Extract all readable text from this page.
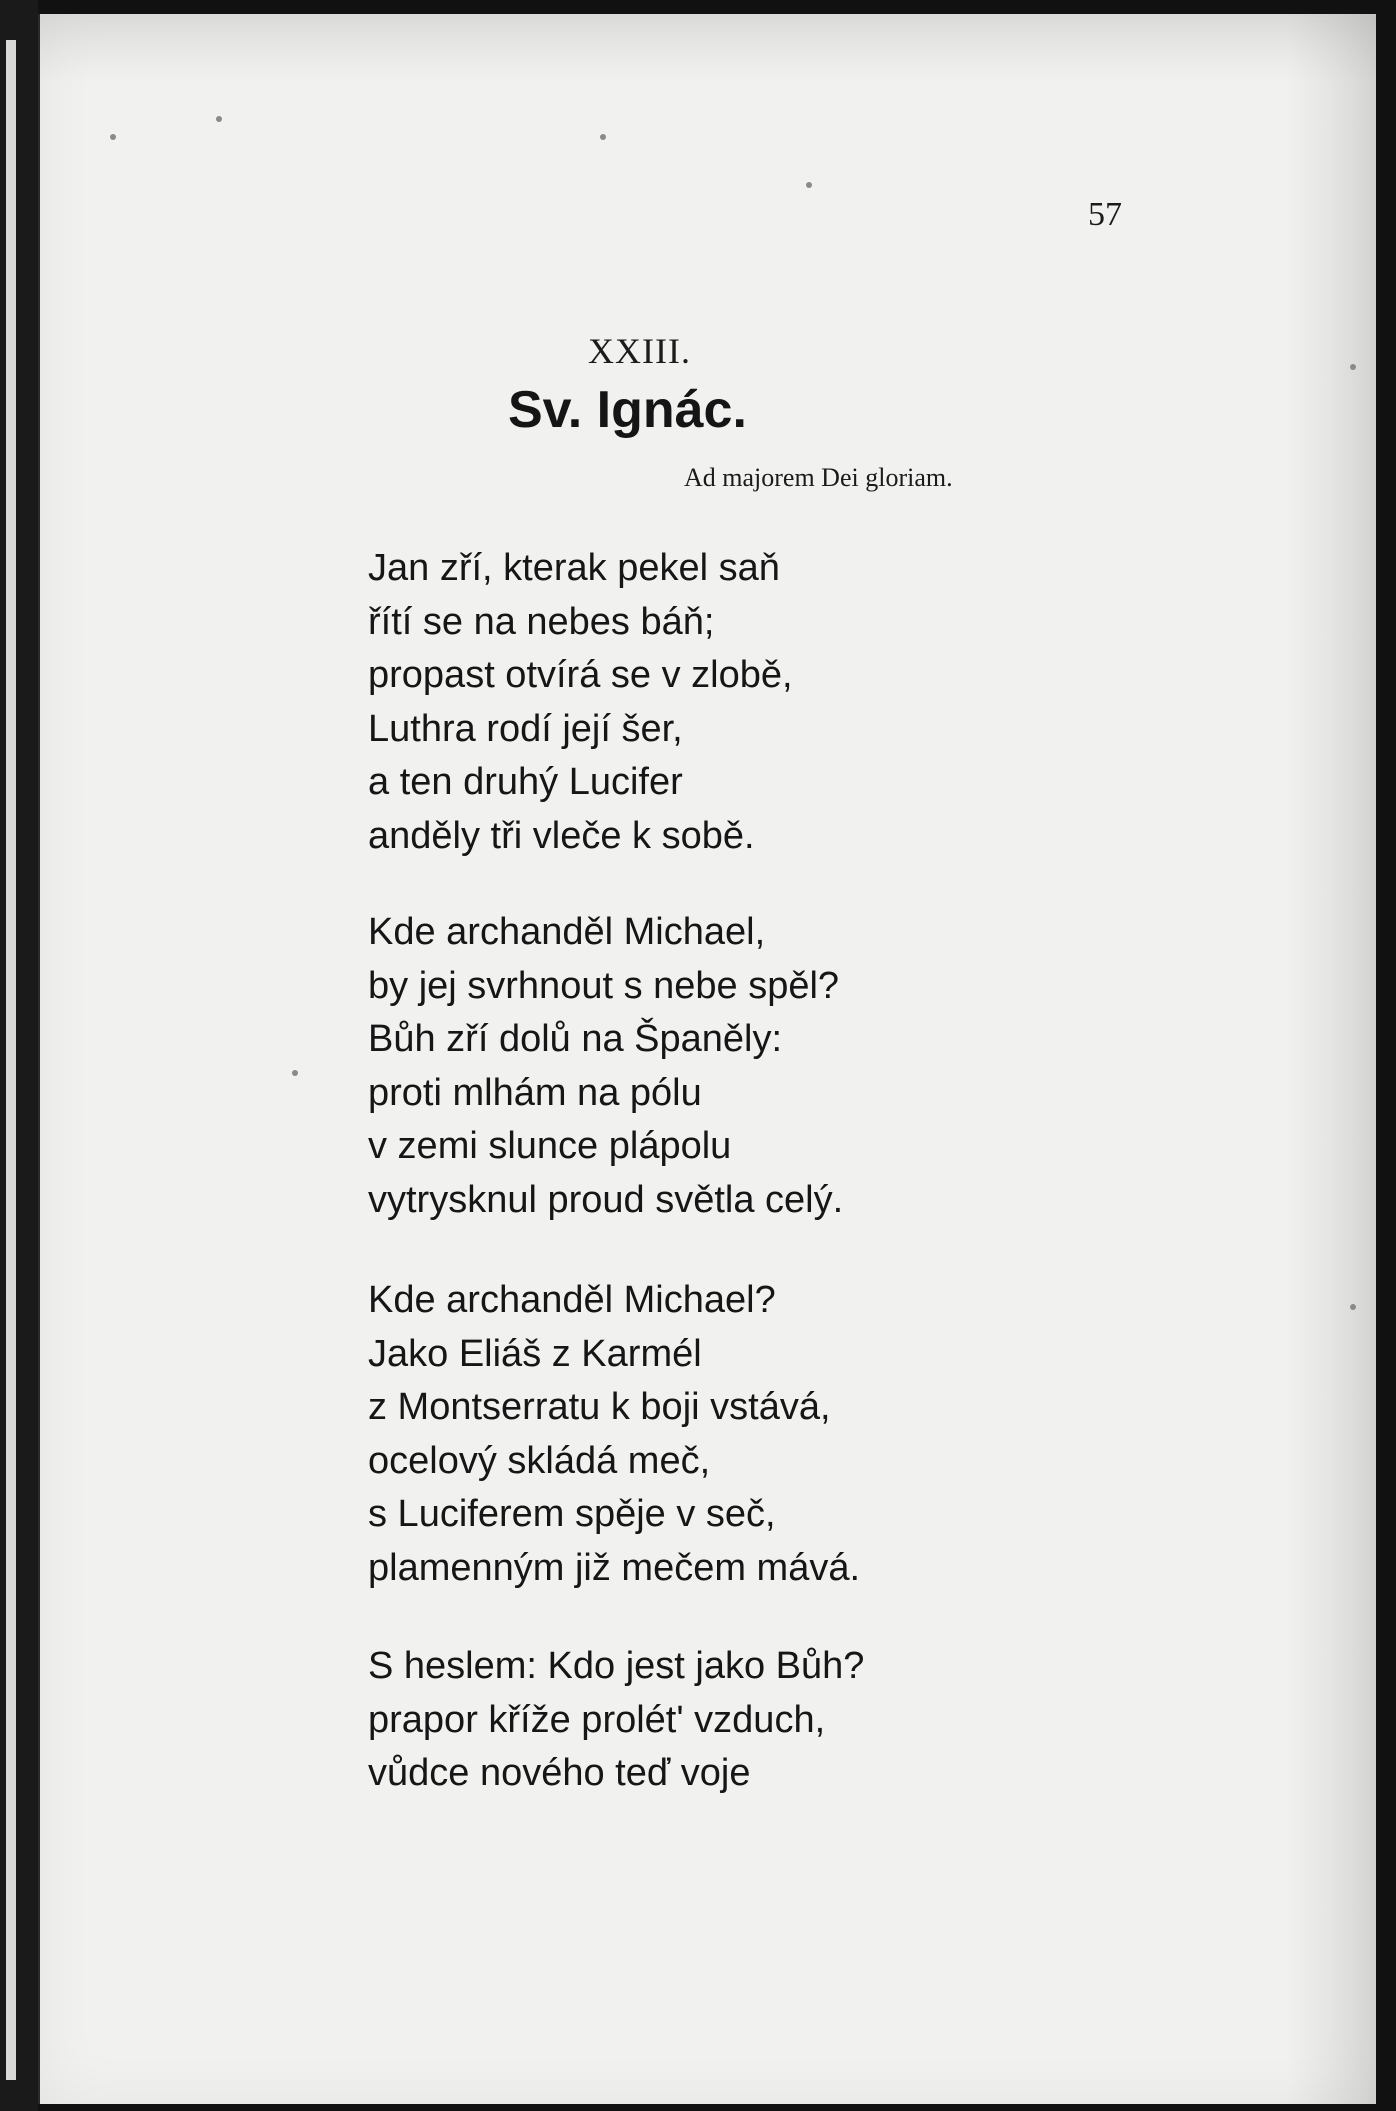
57
XXIII.
Sv. Ignác.
Ad majorem Dei gloriam.
Jan zří, kterak pekel saň
řítí se na nebes báň;
propast otvírá se v zlobě,
Luthra rodí její šer,
a ten druhý Lucifer
anděly tři vleče k sobě.
Kde archanděl Michael,
by jej svrhnout s nebe spěl?
Bůh zří dolů na Španěly:
proti mlhám na pólu
v zemi slunce plápolu
vytrysknul proud světla celý.
Kde archanděl Michael?
Jako Eliáš z Karmél
z Montserratu k boji vstává,
ocelový skládá meč,
s Luciferem spěje v seč,
plamenným již mečem mává.
S heslem: Kdo jest jako Bůh?
prapor kříže prolét' vzduch,
vůdce nového teď voje
